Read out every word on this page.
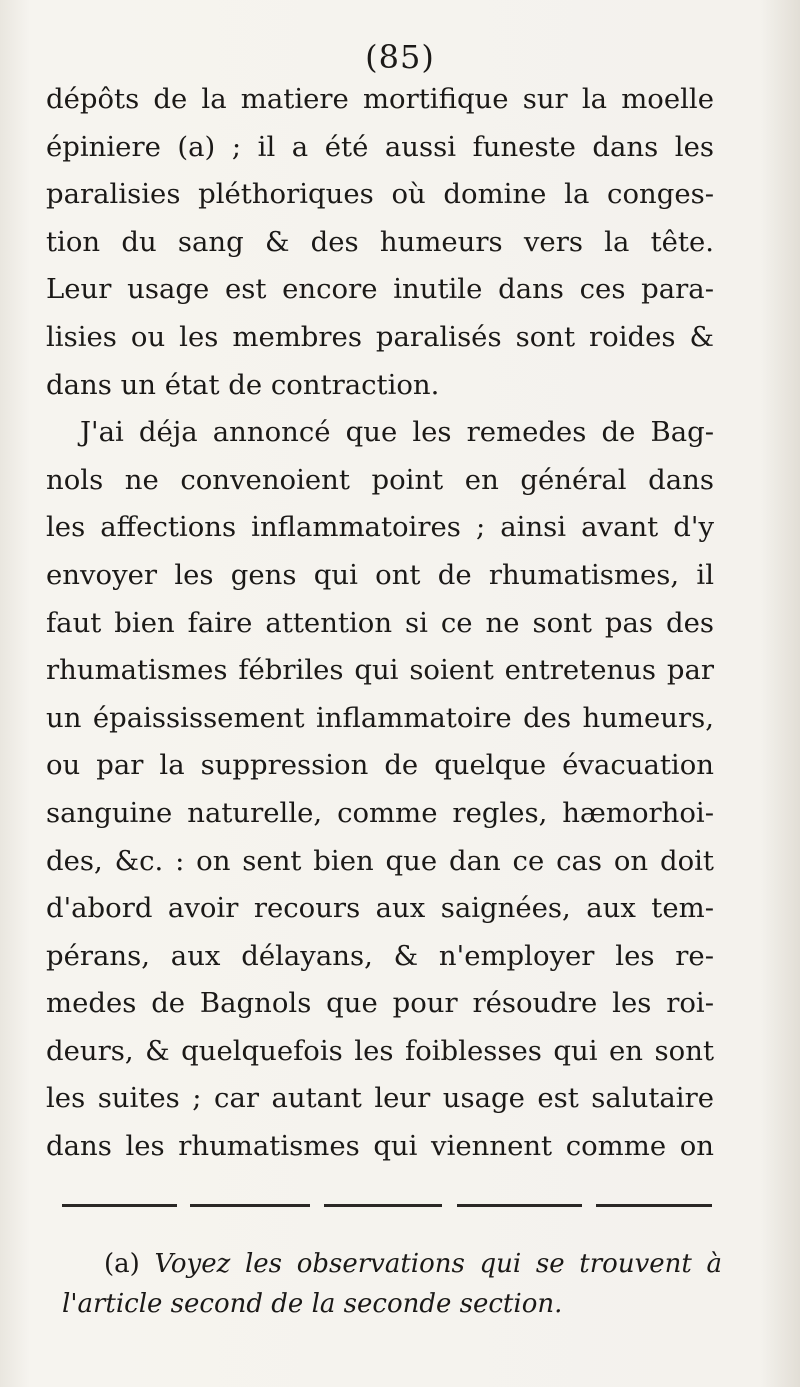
(85)
dépôts de la matiere mortifique sur la moelle
épiniere (a) ; il a été aussi funeste dans les
paralisies pléthoriques où domine la conges-
tion du sang & des humeurs vers la tête.
Leur usage est encore inutile dans ces para-
lisies ou les membres paralisés sont roides &
dans un état de contraction.
J'ai déja annoncé que les remedes de Bag-
nols ne convenoient point en général dans
les affections inflammatoires ; ainsi avant d'y
envoyer les gens qui ont de rhumatismes, il
faut bien faire attention si ce ne sont pas des
rhumatismes fébriles qui soient entretenus par
un épaississement inflammatoire des humeurs,
ou par la suppression de quelque évacuation
sanguine naturelle, comme regles, hæmorhoi-
des, &c. : on sent bien que dan ce cas on doit
d'abord avoir recours aux saignées, aux tem-
pérans, aux délayans, & n'employer les re-
medes de Bagnols que pour résoudre les roi-
deurs, & quelquefois les foiblesses qui en sont
les suites ; car autant leur usage est salutaire
dans les rhumatismes qui viennent comme on
(a) Voyez les observations qui se trouvent à
l'article second de la seconde section.
